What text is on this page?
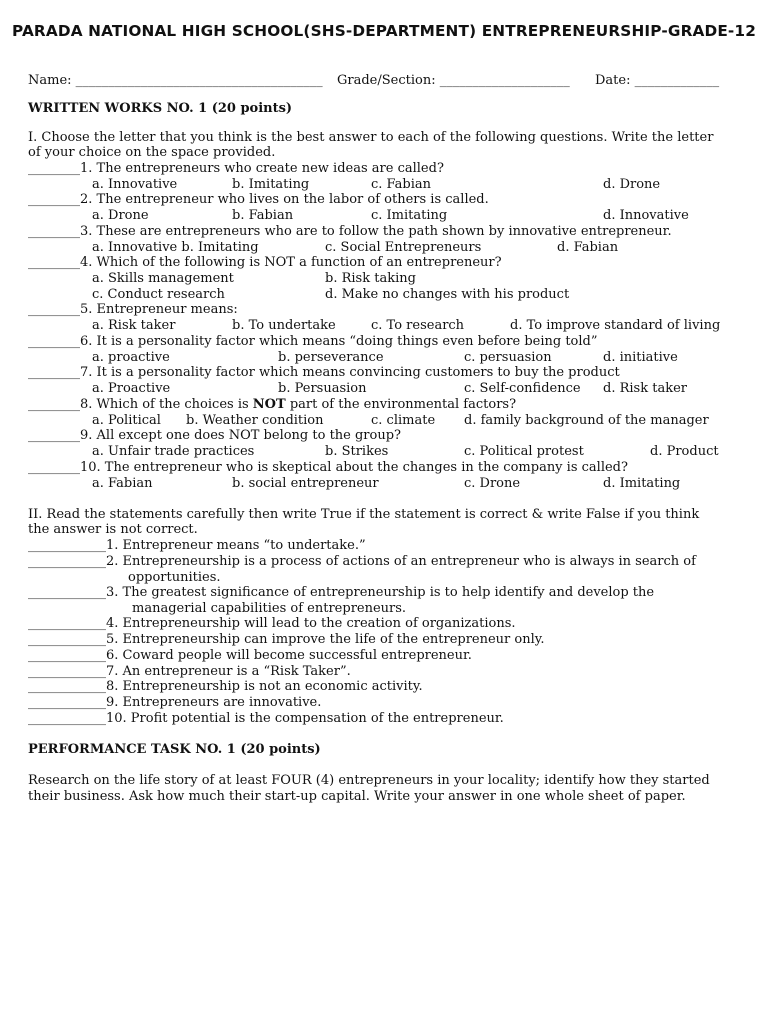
PARADA NATIONAL HIGH SCHOOL(SHS-DEPARTMENT) ENTREPRENEURSHIP-GRADE-12
Name: ______________________________________ Grade/Section: ____________________ Date: _____________
WRITTEN WORKS NO. 1 (20 points)
I. Choose the letter that you think is the best answer to each of the following questions. Write the letter
of your choice on the space provided.
________1. The entrepreneurs who create new ideas are called?
a. Innovative	b. Imitating	c. Fabian	d. Drone
________2. The entrepreneur who lives on the labor of others is called.
a. Drone	b. Fabian	c. Imitating	d. Innovative
________3. These are entrepreneurs who are to follow the path shown by innovative entrepreneur.
a. Innovative b. Imitating	c. Social Entrepreneurs	d. Fabian
________4. Which of the following is NOT a function of an entrepreneur?
a. Skills management	b. Risk taking
c. Conduct research	d. Make no changes with his product
________5. Entrepreneur means:
a. Risk taker	b. To undertake	c. To research	d. To improve standard of living
________6. It is a personality factor which means “doing things even before being told”
a. proactive	b. perseverance	c. persuasion	d. initiative
________7. It is a personality factor which means convincing customers to buy the product
a. Proactive	b. Persuasion	c. Self-confidence d. Risk taker
________8. Which of the choices is NOT part of the environmental factors?
a. Political b. Weather condition	c. climate d. family background of the manager
________9. All except one does NOT belong to the group?
a. Unfair trade practices	b. Strikes	c. Political protest	d. Product
________10. The entrepreneur who is skeptical about the changes in the company is called?
a. Fabian	b. social entrepreneur	c. Drone	d. Imitating
II. Read the statements carefully then write True if the statement is correct & write False if you think
the answer is not correct.
____________1. Entrepreneur means “to undertake.”
____________2. Entrepreneurship is a process of actions of an entrepreneur who is always in search of
opportunities.
____________3. The greatest significance of entrepreneurship is to help identify and develop the
managerial capabilities of entrepreneurs.
____________4. Entrepreneurship will lead to the creation of organizations.
____________5. Entrepreneurship can improve the life of the entrepreneur only.
____________6. Coward people will become successful entrepreneur.
____________7. An entrepreneur is a “Risk Taker”.
____________8. Entrepreneurship is not an economic activity.
____________9. Entrepreneurs are innovative.
____________10. Profit potential is the compensation of the entrepreneur.
PERFORMANCE TASK NO. 1 (20 points)
Research on the life story of at least FOUR (4) entrepreneurs in your locality; identify how they started
their business. Ask how much their start-up capital. Write your answer in one whole sheet of paper.
